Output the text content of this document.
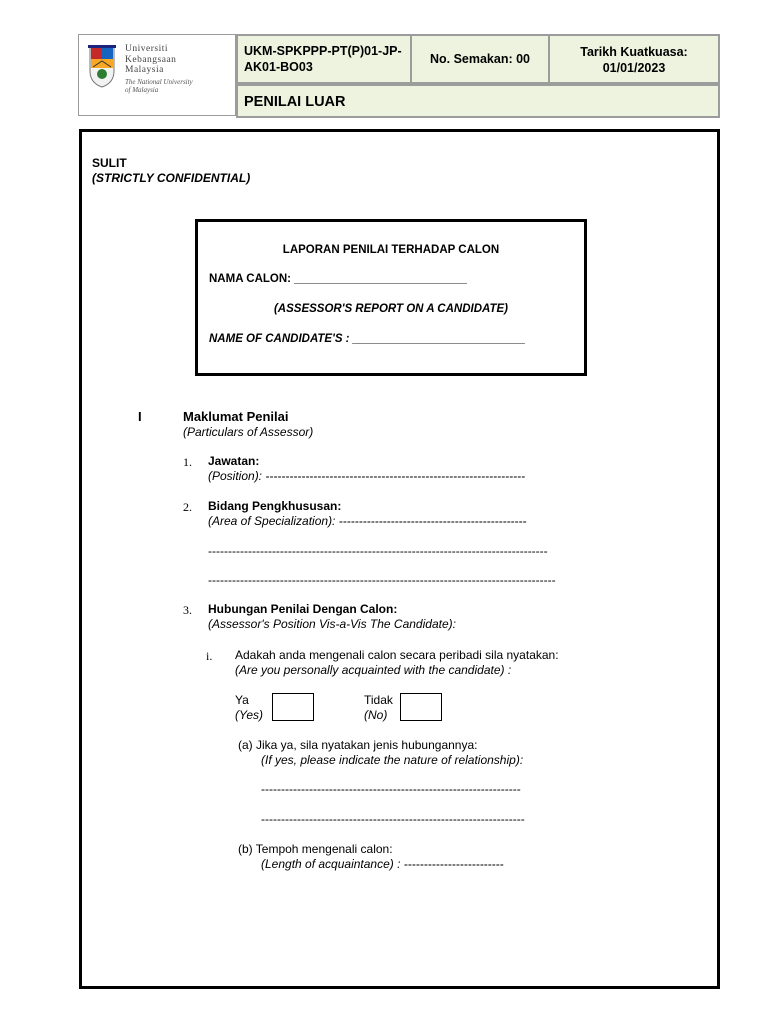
Universiti
Kebangsaan
Malaysia
The National University
of Malaysia
UKM-SPKPPP-PT(P)01-JP-
AK01-BO03
No. Semakan: 00	Tarikh Kuatkuasa:
01/01/2023
PENILAI LUAR
SULIT
(STRICTLY CONFIDENTIAL)
LAPORAN PENILAI TERHADAP CALON
NAMA CALON: ___________________________
(ASSESSOR'S REPORT ON A CANDIDATE)
NAME OF CANDIDATE'S : ___________________________
I	Maklumat Penilai
(Particulars of Assessor)
1. Jawatan:
(Position): -----------------------------------------------------------------
2. Bidang Pengkhususan:
(Area of Specialization): -----------------------------------------------
-------------------------------------------------------------------------------------
---------------------------------------------------------------------------------------
3. Hubungan Penilai Dengan Calon:
(Assessor's Position Vis-a-Vis The Candidate):
i. Adakah anda mengenali calon secara peribadi sila nyatakan:
(Are you personally acquainted with the candidate) :
Ya
(Yes)
Tidak
(No)
(a) Jika ya, sila nyatakan jenis hubungannya:
(If yes, please indicate the nature of relationship):
-----------------------------------------------------------------
------------------------------------------------------------------
(b) Tempoh mengenali calon:
(Length of acquaintance) : -------------------------
